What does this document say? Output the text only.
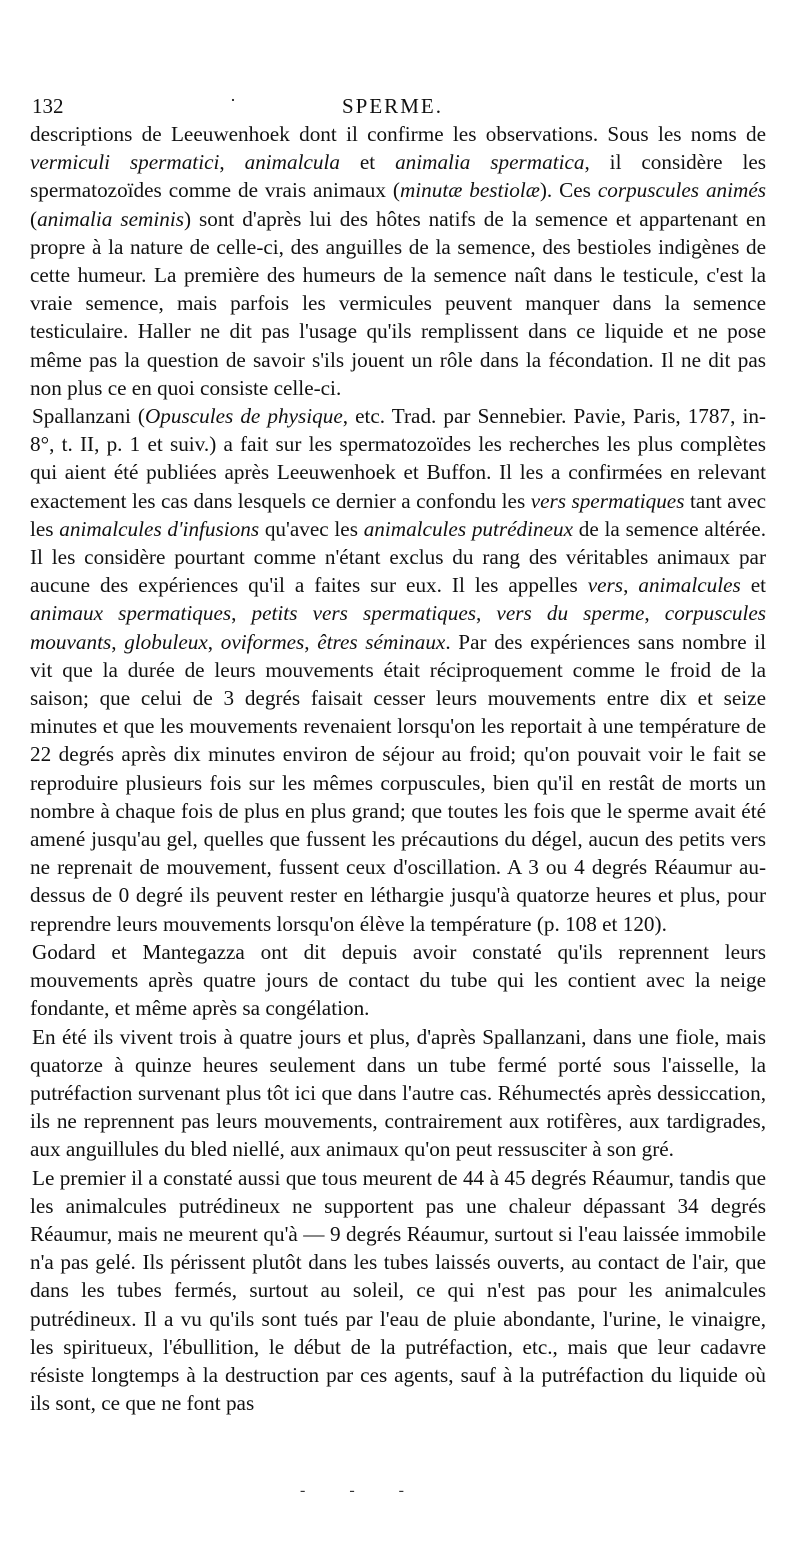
132	·	SPERME.

descriptions de Leeuwenhoek dont il confirme les observations. Sous les noms de vermiculi spermatici, animalcula et animalia spermatica, il considère les spermatozoïdes comme de vrais animaux (minutæ bestiolæ). Ces corpuscules animés (animalia seminis) sont d'après lui des hôtes natifs de la semence et appartenant en propre à la nature de celle-ci, des anguilles de la semence, des bestioles indigènes de cette humeur. La première des humeurs de la semence naît dans le testicule, c'est la vraie semence, mais parfois les vermicules peuvent manquer dans la semence testiculaire. Haller ne dit pas l'usage qu'ils remplissent dans ce liquide et ne pose même pas la question de savoir s'ils jouent un rôle dans la fécondation. Il ne dit pas non plus ce en quoi consiste celle-ci.

Spallanzani (Opuscules de physique, etc. Trad. par Sennebier. Pavie, Paris, 1787, in-8°, t. II, p. 1 et suiv.) a fait sur les spermatozoïdes les recherches les plus complètes qui aient été publiées après Leeuwenhoek et Buffon. Il les a confirmées en relevant exactement les cas dans lesquels ce dernier a confondu les vers spermatiques tant avec les animalcules d'infusions qu'avec les animalcules putrédineux de la semence altérée. Il les considère pourtant comme n'étant exclus du rang des véritables animaux par aucune des expériences qu'il a faites sur eux. Il les appelles vers, animalcules et animaux spermatiques, petits vers spermatiques, vers du sperme, corpuscules mouvants, globuleux, oviformes, êtres séminaux. Par des expériences sans nombre il vit que la durée de leurs mouvements était réciproquement comme le froid de la saison; que celui de 3 degrés faisait cesser leurs mouvements entre dix et seize minutes et que les mouvements revenaient lorsqu'on les reportait à une température de 22 degrés après dix minutes environ de séjour au froid; qu'on pouvait voir le fait se reproduire plusieurs fois sur les mêmes corpuscules, bien qu'il en restât de morts un nombre à chaque fois de plus en plus grand; que toutes les fois que le sperme avait été amené jusqu'au gel, quelles que fussent les précautions du dégel, aucun des petits vers ne reprenait de mouvement, fussent ceux d'oscillation. A 3 ou 4 degrés Réaumur au-dessus de 0 degré ils peuvent rester en léthargie jusqu'à quatorze heures et plus, pour reprendre leurs mouvements lorsqu'on élève la température (p. 108 et 120).

Godard et Mantegazza ont dit depuis avoir constaté qu'ils reprennent leurs mouvements après quatre jours de contact du tube qui les contient avec la neige fondante, et même après sa congélation.

En été ils vivent trois à quatre jours et plus, d'après Spallanzani, dans une fiole, mais quatorze à quinze heures seulement dans un tube fermé porté sous l'aisselle, la putréfaction survenant plus tôt ici que dans l'autre cas. Réhumectés après dessiccation, ils ne reprennent pas leurs mouvements, contrairement aux rotifères, aux tardigrades, aux anguillules du bled niellé, aux animaux qu'on peut ressusciter à son gré.

Le premier il a constaté aussi que tous meurent de 44 à 45 degrés Réaumur, tandis que les animalcules putrédineux ne supportent pas une chaleur dépassant 34 degrés Réaumur, mais ne meurent qu'à — 9 degrés Réaumur, surtout si l'eau laissée immobile n'a pas gelé. Ils périssent plutôt dans les tubes laissés ouverts, au contact de l'air, que dans les tubes fermés, surtout au soleil, ce qui n'est pas pour les animalcules putrédineux. Il a vu qu'ils sont tués par l'eau de pluie abondante, l'urine, le vinaigre, les spiritueux, l'ébullition, le début de la putréfaction, etc., mais que leur cadavre résiste longtemps à la destruction par ces agents, sauf à la putréfaction du liquide où ils sont, ce que ne font pas

- - -
